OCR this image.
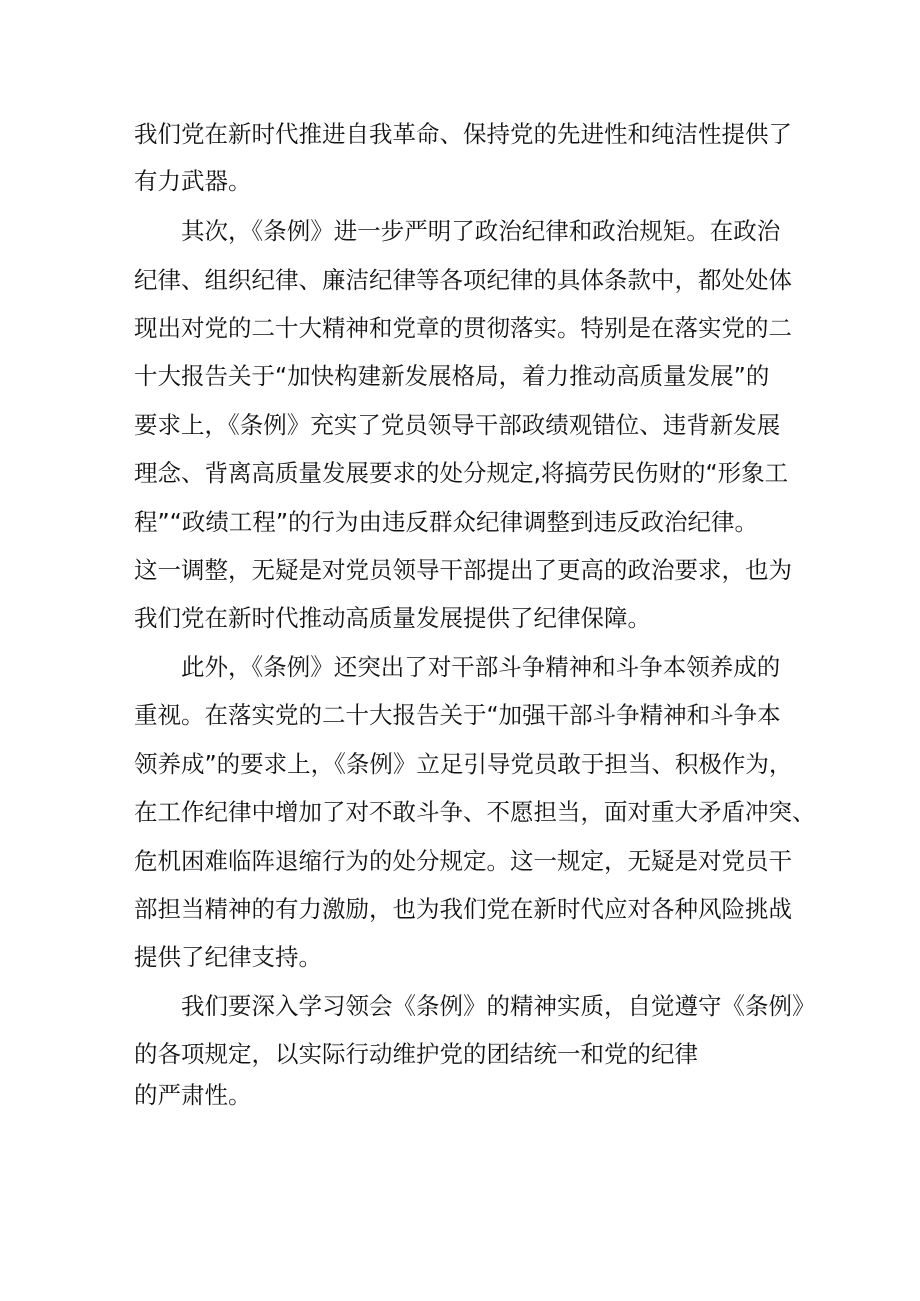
我们党在新时代推进自我革命、保持党的先进性和纯洁性提供了
有力武器。
其次，《条例》进一步严明了政治纪律和政治规矩。在政治
纪律、组织纪律、廉洁纪律等各项纪律的具体条款中，都处处体
现出对党的二十大精神和党章的贯彻落实。特别是在落实党的二
十大报告关于“加快构建新发展格局，着力推动高质量发展”的
要求上，《条例》充实了党员领导干部政绩观错位、违背新发展
理念、背离高质量发展要求的处分规定,将搞劳民伤财的“形象工
程”“政绩工程”的行为由违反群众纪律调整到违反政治纪律。
这一调整，无疑是对党员领导干部提出了更高的政治要求，也为
我们党在新时代推动高质量发展提供了纪律保障。
此外，《条例》还突出了对干部斗争精神和斗争本领养成的
重视。在落实党的二十大报告关于“加强干部斗争精神和斗争本
领养成”的要求上，《条例》立足引导党员敢于担当、积极作为，
在工作纪律中增加了对不敢斗争、不愿担当，面对重大矛盾冲突、
危机困难临阵退缩行为的处分规定。这一规定，无疑是对党员干
部担当精神的有力激励，也为我们党在新时代应对各种风险挑战
提供了纪律支持。
我们要深入学习领会《条例》的精神实质，自觉遵守《条例》
的各项规定，以实际行动维护党的团结统一和党的纪律
的严肃性。
